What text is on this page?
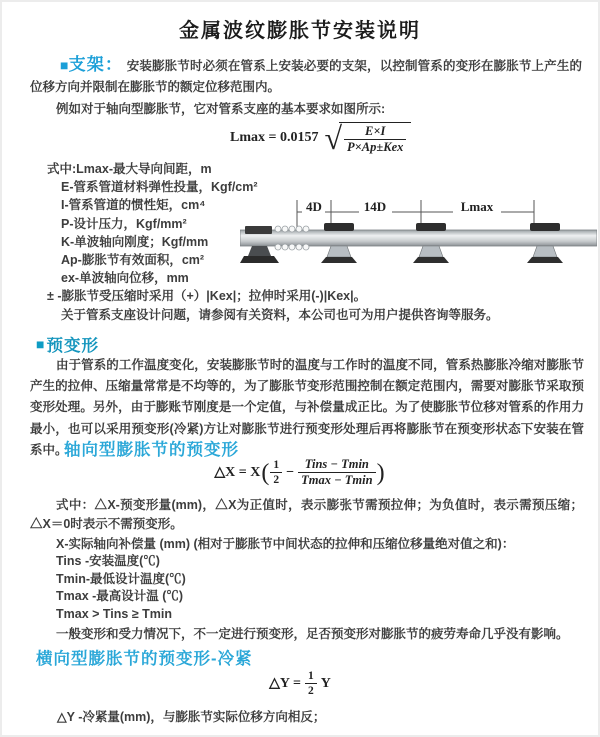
金属波纹膨胀节安装说明
■支架： 安装膨胀节时必须在管系上安装必要的支架，以控制管系的变形在膨胀节上产生的位移方向并限制在膨胀节的额定位移范围内。
例如对于轴向型膨胀节，它对管系支座的基本要求如图所示:
Lmax = 0.0157 √ $\frac{E\times I}{\text{P×Ap±Kex}}$
式中:Lmax-最大导向间距，m
E-管系管道材料弹性投量，Kgf/cm²
I-管系管道的惯性矩，cm⁴
P-设计压力，Kgf/mm²
K-单波轴向刚度；Kgf/mm
Ap-膨胀节有效面积，cm²
ex-单波轴向位移，mm
± -膨胀节受压缩时采用（+）|Kex|；拉伸时采用(-)|Kex|。
关于管系支座设计问题，请参阅有关资料，本公司也可为用户提供咨询等服务。
4D	14D	Lmax
■ 预变形
由于管系的工作温度变化，安装膨胀节时的温度与工作时的温度不同，管系热膨胀冷缩对膨胀节产生的拉伸、压缩量常常是不均等的，为了膨胀节变形范围控制在额定范围内，需要对膨胀节采取预变形处理。另外，由于膨账节刚度是一个定值，与补偿量成正比。为了使膨胀节位移对管系的作用力最小，也可以采用预变形(冷紧)方让对膨胀节进行预变形处理后再将膨胀节在预变形状态下安装在管系中。
轴向型膨胀节的预变形
△X = X ( $\frac{1}{2} - \frac{\text{Tins − Tmin}}{Tmax - Tmin}$ )
式中：△X-预变形量(mm)，△X为正值时，表示膨张节需预拉伸；为负值时，表示需预压缩；△X＝0时表示不需预变形。
X-实际轴向补偿量 (mm) (相对于膨胀节中间状态的拉伸和压缩位移量绝对值之和)：
Tins -安装温度(℃)
Tmin-最低设计温度(℃)
Tmax -最高设计温 (℃)
Tmax > Tins ≥ Tmin
一般变形和受力情况下，不一定进行预变形，足否预变形对膨胀节的疲劳寿命几乎没有影响。
横向型膨胀节的预变形-冷紧
△Y = $\frac{1}{2}$ Y
△Y -冷紧量(mm)，与膨胀节实际位移方向相反；
